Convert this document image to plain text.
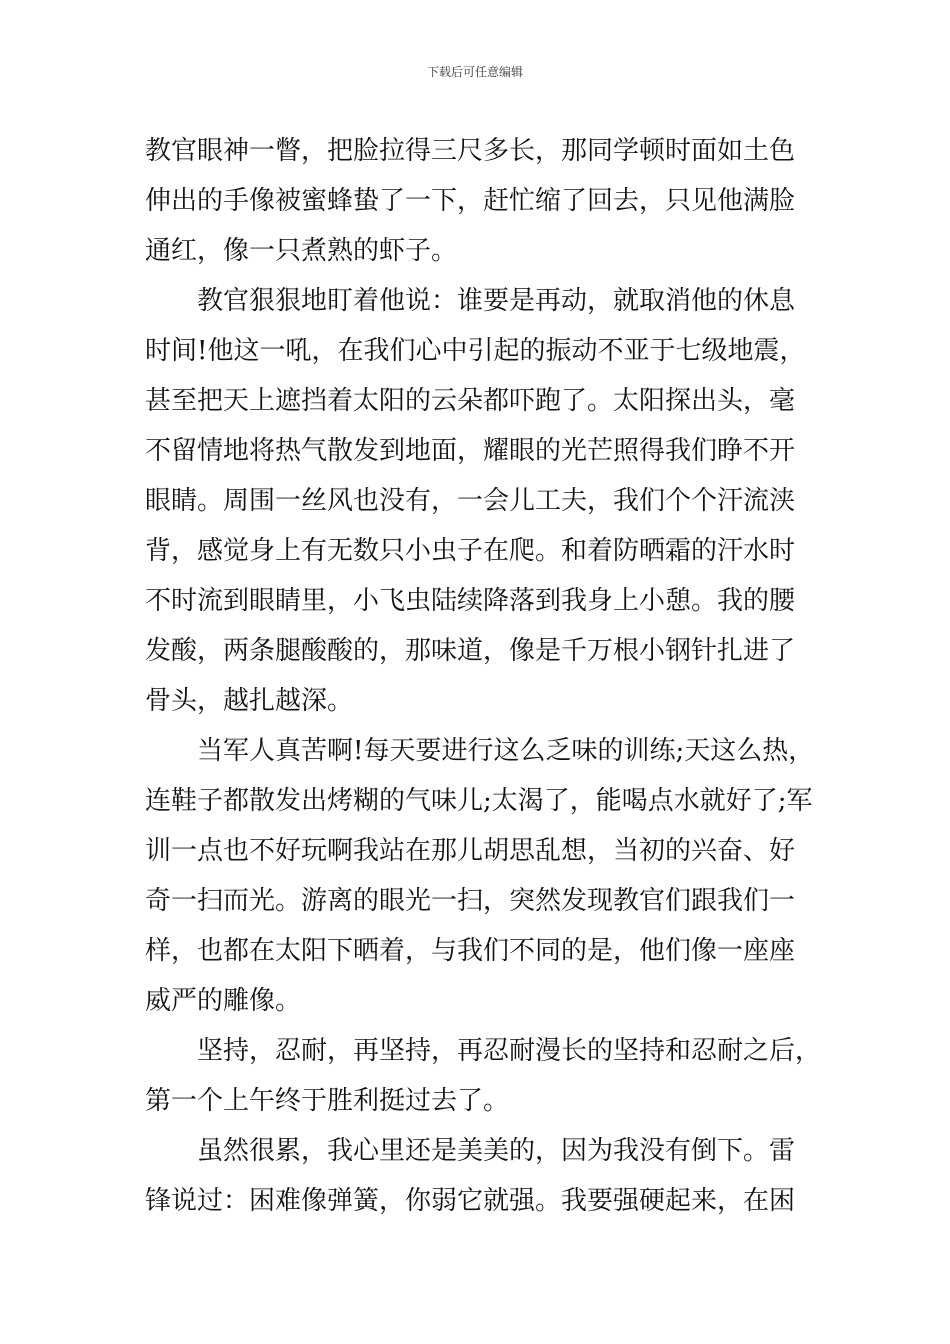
下载后可任意编辑

教官眼神一瞥，把脸拉得三尺多长，那同学顿时面如土色
伸出的手像被蜜蜂蛰了一下，赶忙缩了回去，只见他满脸
通红，像一只煮熟的虾子。

教官狠狠地盯着他说：谁要是再动，就取消他的休息
时间!他这一吼，在我们心中引起的振动不亚于七级地震，
甚至把天上遮挡着太阳的云朵都吓跑了。太阳探出头，毫
不留情地将热气散发到地面，耀眼的光芒照得我们睁不开
眼睛。周围一丝风也没有，一会儿工夫，我们个个汗流浃
背，感觉身上有无数只小虫子在爬。和着防晒霜的汗水时
不时流到眼睛里，小飞虫陆续降落到我身上小憩。我的腰
发酸，两条腿酸酸的，那味道，像是千万根小钢针扎进了
骨头，越扎越深。

当军人真苦啊!每天要进行这么乏味的训练;天这么热，
连鞋子都散发出烤糊的气味儿;太渴了，能喝点水就好了;军
训一点也不好玩啊我站在那儿胡思乱想，当初的兴奋、好
奇一扫而光。游离的眼光一扫，突然发现教官们跟我们一
样，也都在太阳下晒着，与我们不同的是，他们像一座座
威严的雕像。

坚持，忍耐，再坚持，再忍耐漫长的坚持和忍耐之后，
第一个上午终于胜利挺过去了。

虽然很累，我心里还是美美的，因为我没有倒下。雷
锋说过：困难像弹簧，你弱它就强。我要强硬起来，在困
